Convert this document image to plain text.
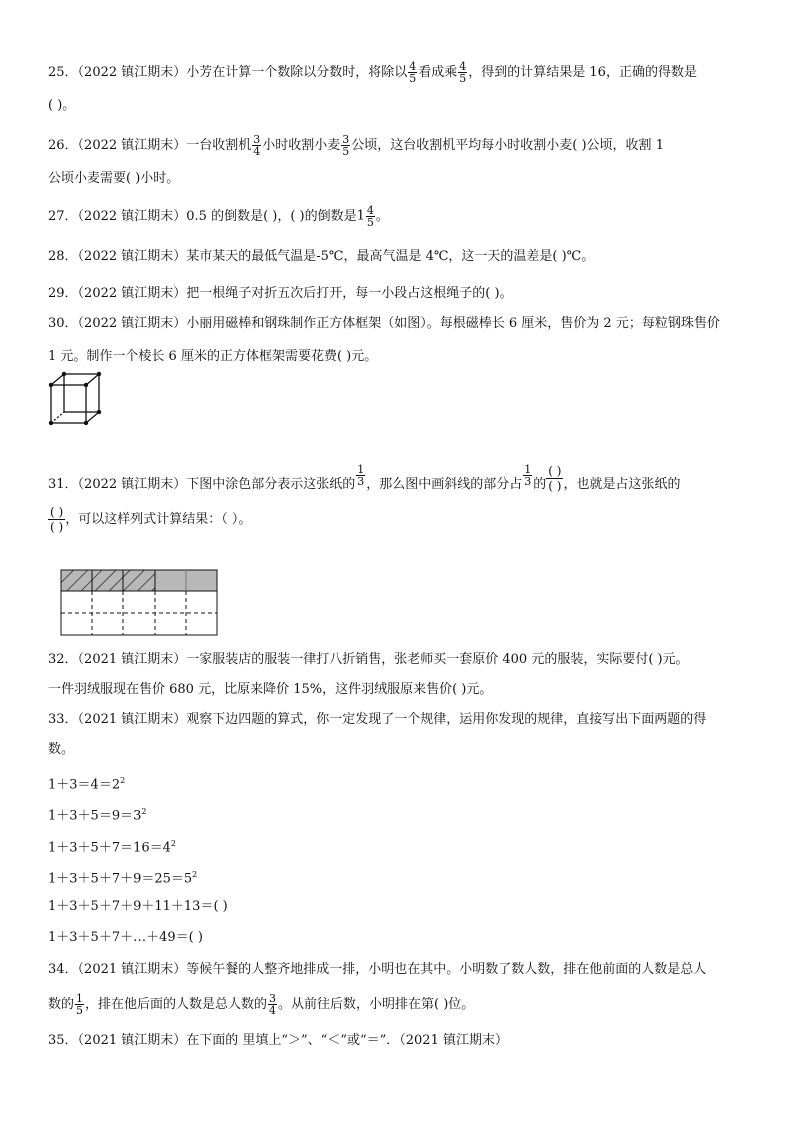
25．（2022 镇江期末）小芳在计算一个数除以分数时，将除以 $\frac{4}{5}$ 看成乘 $\frac{4}{5}$ ，得到的计算结果是 16，正确的得数是
( )。
26．（2022 镇江期末）一台收割机 $\frac{3}{4}$ 小时收割小麦 $\frac{3}{5}$ 公顷，这台收割机平均每小时收割小麦( )公顷，收割 1
公顷小麦需要( )小时。
27．（2022 镇江期末）0.5 的倒数是( )，( )的倒数是$1 \frac{4}{5}$ 。
28．（2022 镇江期末）某市某天的最低气温是-5℃，最高气温是 4℃，这一天的温差是( )℃。
29．（2022 镇江期末）把一根绳子对折五次后打开，每一小段占这根绳子的( )。
30．（2022 镇江期末）小丽用磁棒和钢珠制作正方体框架（如图）。每根磁棒长 6 厘米，售价为 2 元；每粒钢珠售价
1 元。制作一个棱长 6 厘米的正方体框架需要花费( )元。
31．（2022 镇江期末）下图中涂色部分表示这张纸的 $\frac{1}{3}$ ，那么图中画斜线的部分占 $\frac{1}{3}$ 的
( )
( ) ，也就是占这张纸的
( )
( ) ，可以这样列式计算结果：（ ）。
32．（2021 镇江期末）一家服装店的服装一律打八折销售，张老师买一套原价 400 元的服装，实际要付( )元。
一件羽绒服现在售价 680 元，比原来降价 15%，这件羽绒服原来售价( )元。
33．（2021 镇江期末）观察下边四题的算式，你一定发现了一个规律，运用你发现的规律，直接写出下面两题的得
数。
$1+3=4=2^2$
$1+3+5=9=3^2$
$1+3+5+7=16=4^2$
$1+3+5+7+9=25=5^2$
1＋3＋5＋7＋9＋11＋13＝( )
1＋3＋5＋7＋…＋49＝( )
34．（2021 镇江期末）等候午餐的人整齐地排成一排，小明也在其中。小明数了数人数，排在他前面的人数是总人
数的 $\frac{1}{5}$ ，排在他后面的人数是总人数的 $\frac{3}{4}$ 。从前往后数，小明排在第( )位。
35．（2021 镇江期末）在下面的 里填上“＞”、“＜”或“＝”．（2021 镇江期末）
